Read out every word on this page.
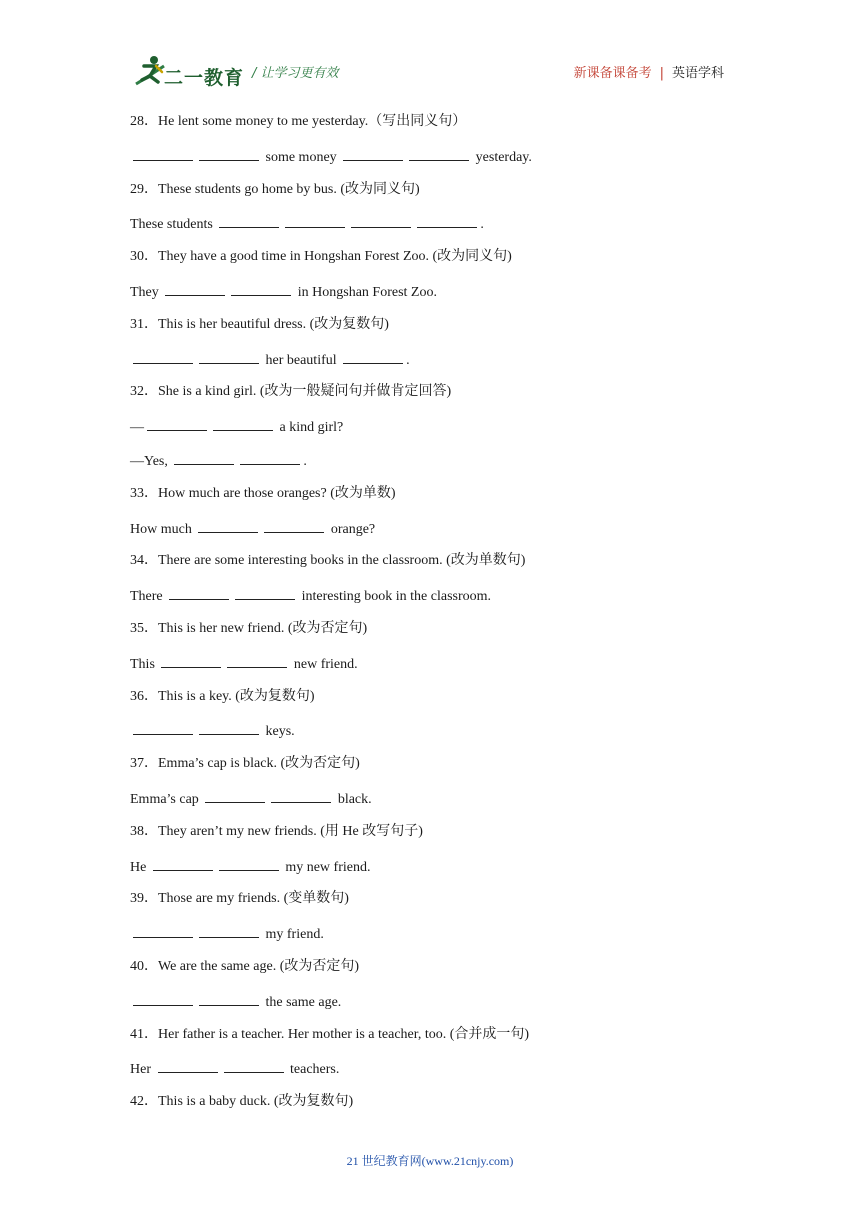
二一教育 / 让学习更有效	新课备课备考 | 英语学科
28．He lent some money to me yesterday.（写出同义句）
some money	yesterday.
29．These students go home by bus. (改为同义句)
These students	.
30．They have a good time in Hongshan Forest Zoo. (改为同义句)
They	in Hongshan Forest Zoo.
31．This is her beautiful dress. (改为复数句)
her beautiful	.
32．She is a kind girl. (改为一般疑问句并做肯定回答)
—	a kind girl?
—Yes,	.
33．How much are those oranges? (改为单数)
How much	orange?
34．There are some interesting books in the classroom. (改为单数句)
There	interesting book in the classroom.
35．This is her new friend. (改为否定句)
This	new friend.
36．This is a key. (改为复数句)
keys.
37．Emma’s cap is black. (改为否定句)
Emma’s cap	black.
38．They aren’t my new friends. (用 He 改写句子)
He	my new friend.
39．Those are my friends. (变单数句)
my friend.
40．We are the same age. (改为否定句)
the same age.
41．Her father is a teacher. Her mother is a teacher, too. (合并成一句)
Her	teachers.
42．This is a baby duck. (改为复数句)
21 世纪教育网(www.21cnjy.com)
